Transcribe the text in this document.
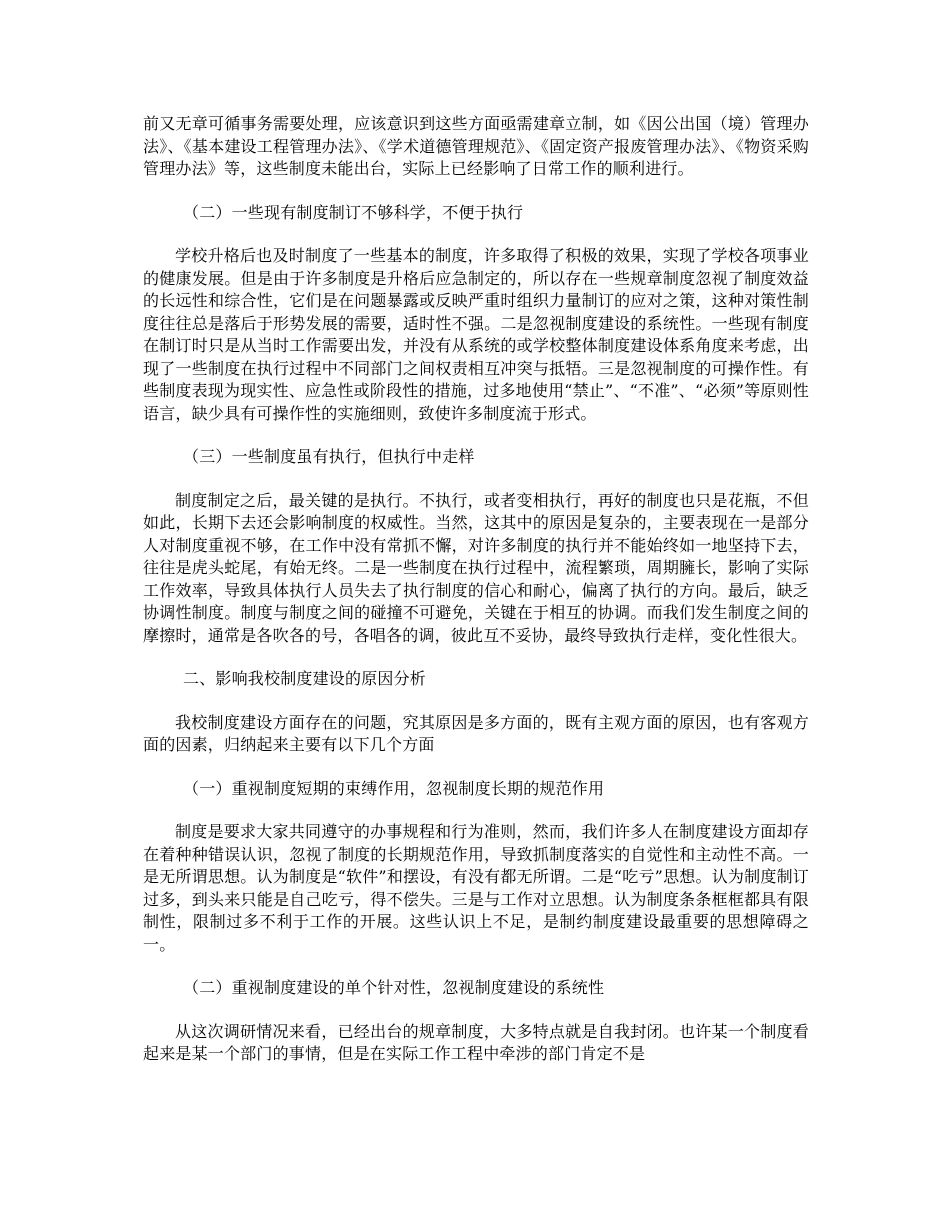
前又无章可循事务需要处理，应该意识到这些方面亟需建章立制，如《因公出国（境）管理办法》、《基本建设工程管理办法》、《学术道德管理规范》、《固定资产报废管理办法》、《物资采购管理办法》等，这些制度未能出台，实际上已经影响了日常工作的顺利进行。

（二）一些现有制度制订不够科学，不便于执行

学校升格后也及时制度了一些基本的制度，许多取得了积极的效果，实现了学校各项事业的健康发展。但是由于许多制度是升格后应急制定的，所以存在一些规章制度忽视了制度效益的长远性和综合性，它们是在问题暴露或反映严重时组织力量制订的应对之策，这种对策性制度往往总是落后于形势发展的需要，适时性不强。二是忽视制度建设的系统性。一些现有制度在制订时只是从当时工作需要出发，并没有从系统的或学校整体制度建设体系角度来考虑，出现了一些制度在执行过程中不同部门之间权责相互冲突与抵牾。三是忽视制度的可操作性。有些制度表现为现实性、应急性或阶段性的措施，过多地使用“禁止”、“不准”、“必须”等原则性语言，缺少具有可操作性的实施细则，致使许多制度流于形式。

（三）一些制度虽有执行，但执行中走样

制度制定之后，最关键的是执行。不执行，或者变相执行，再好的制度也只是花瓶，不但如此，长期下去还会影响制度的权威性。当然，这其中的原因是复杂的，主要表现在一是部分人对制度重视不够，在工作中没有常抓不懈，对许多制度的执行并不能始终如一地坚持下去，往往是虎头蛇尾，有始无终。二是一些制度在执行过程中，流程繁琐，周期臃长，影响了实际工作效率，导致具体执行人员失去了执行制度的信心和耐心，偏离了执行的方向。最后，缺乏协调性制度。制度与制度之间的碰撞不可避免，关键在于相互的协调。而我们发生制度之间的摩擦时，通常是各吹各的号，各唱各的调，彼此互不妥协，最终导致执行走样，变化性很大。

二、影响我校制度建设的原因分析

我校制度建设方面存在的问题，究其原因是多方面的，既有主观方面的原因，也有客观方面的因素，归纳起来主要有以下几个方面

（一）重视制度短期的束缚作用，忽视制度长期的规范作用

制度是要求大家共同遵守的办事规程和行为准则，然而，我们许多人在制度建设方面却存在着种种错误认识，忽视了制度的长期规范作用，导致抓制度落实的自觉性和主动性不高。一是无所谓思想。认为制度是“软件”和摆设，有没有都无所谓。二是“吃亏”思想。认为制度制订过多，到头来只能是自己吃亏，得不偿失。三是与工作对立思想。认为制度条条框框都具有限制性，限制过多不利于工作的开展。这些认识上不足，是制约制度建设最重要的思想障碍之一。

（二）重视制度建设的单个针对性，忽视制度建设的系统性

从这次调研情况来看，已经出台的规章制度，大多特点就是自我封闭。也许某一个制度看起来是某一个部门的事情，但是在实际工作工程中牵涉的部门肯定不是
